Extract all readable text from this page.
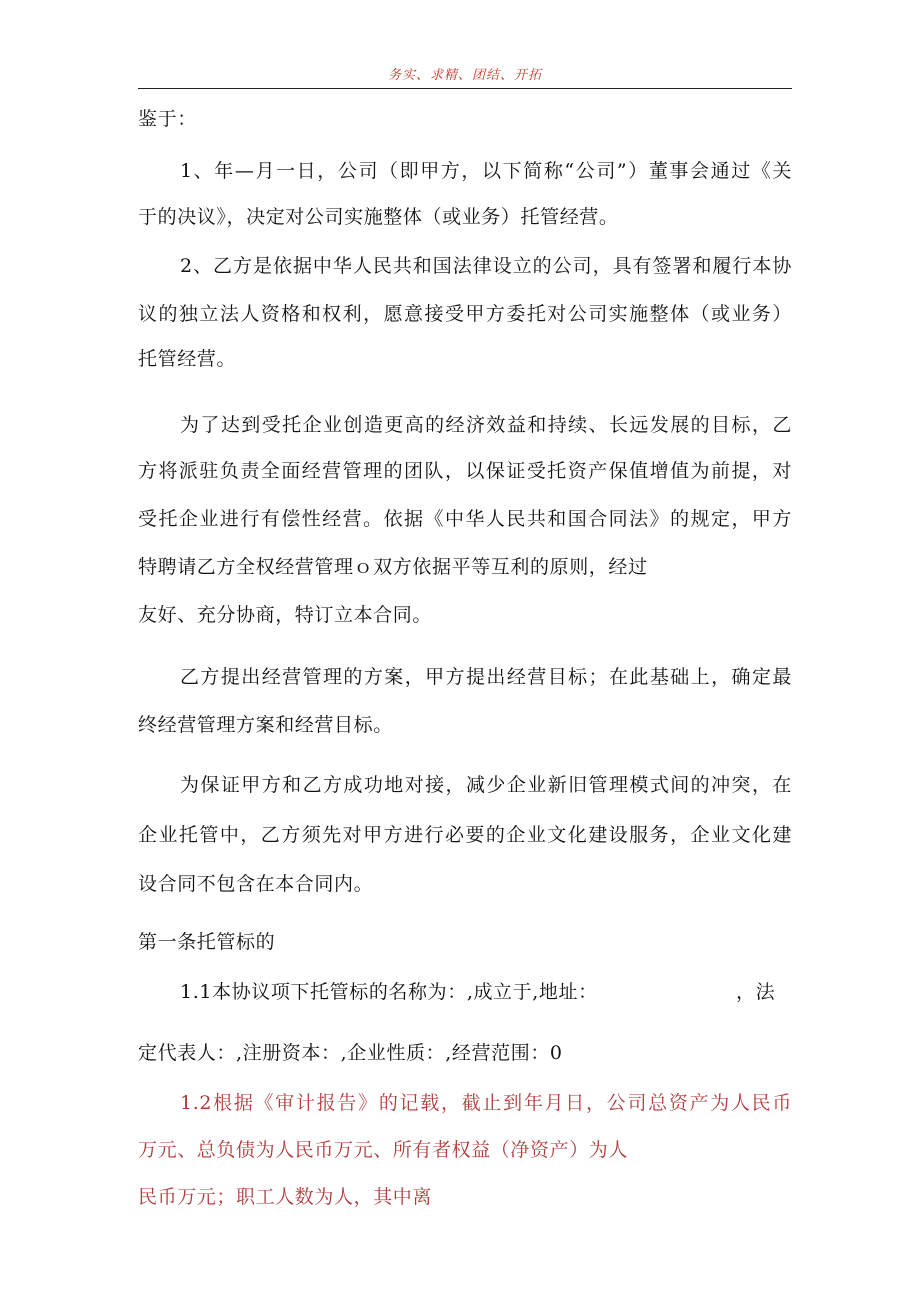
务实、求精、团结、开拓
鉴于：
1、年—月一日，公司（即甲方，以下简称“公司”）董事会通过《关
于的决议》，决定对公司实施整体（或业务）托管经营。
2、乙方是依据中华人民共和国法律设立的公司，具有签署和履行本协
议的独立法人资格和权利，愿意接受甲方委托对公司实施整体（或业务）
托管经营。
为了达到受托企业创造更高的经济效益和持续、长远发展的目标，乙
方将派驻负责全面经营管理的团队，以保证受托资产保值增值为前提，对
受托企业进行有偿性经营。依据《中华人民共和国合同法》的规定，甲方
特聘请乙方全权经营管理ｏ双方依据平等互利的原则，经过
友好、充分协商，特订立本合同。
乙方提出经营管理的方案，甲方提出经营目标；在此基础上，确定最
终经营管理方案和经营目标。
为保证甲方和乙方成功地对接，减少企业新旧管理模式间的冲突，在
企业托管中，乙方须先对甲方进行必要的企业文化建设服务，企业文化建
设合同不包含在本合同内。
第一条托管标的
1.1本协议项下托管标的名称为：,成立于,地址：	，法
定代表人：,注册资本：,企业性质：,经营范围：0
1.2根据《审计报告》的记载，截止到年月日，公司总资产为人民币
万元、总负债为人民币万元、所有者权益（净资产）为人
民币万元；职工人数为人，其中离
